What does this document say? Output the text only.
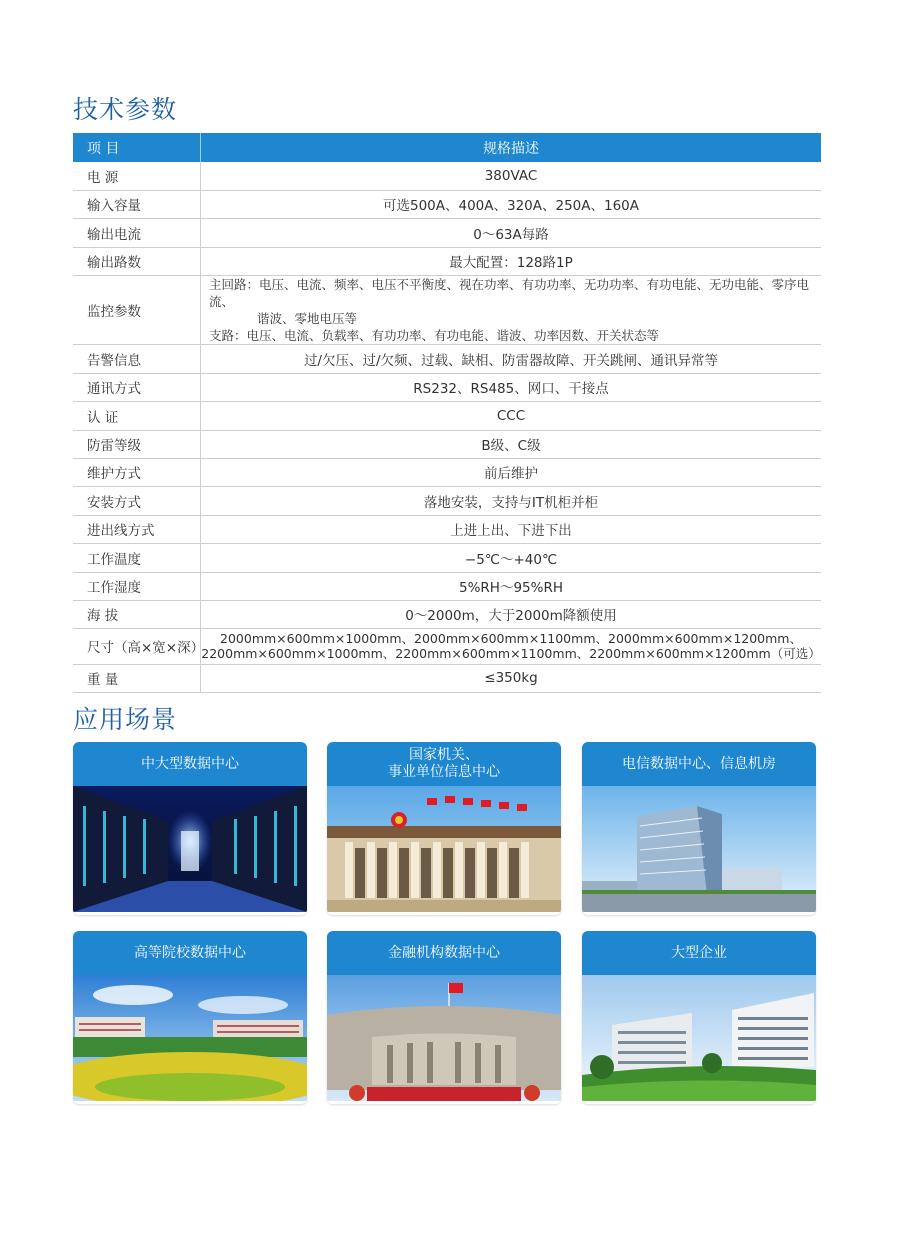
技术参数
项 目	规格描述
电 源	380VAC
输入容量	可选500A、400A、320A、250A、160A
输出电流	0～63A每路
输出路数	最大配置：128路1P
监控参数	主回路：电压、电流、频率、电压不平衡度、视在功率、有功功率、无功功率、有功电能、无功电能、零序电流、
谐波、零地电压等
支路：电压、电流、负载率、有功功率、有功电能、谐波、功率因数、开关状态等

告警信息	过/欠压、过/欠频、过载、缺相、防雷器故障、开关跳闸、通讯异常等
通讯方式	RS232、RS485、网口、干接点
认 证	CCC
防雷等级	B级、C级
维护方式	前后维护
安装方式	落地安装，支持与IT机柜并柜
进出线方式	上进上出、下进下出
工作温度	−5℃～+40℃
工作湿度	5%RH～95%RH
海 拔	0～2000m，大于2000m降额使用
尺寸（高×宽×深）	2000mm×600mm×1000mm、2000mm×600mm×1100mm、2000mm×600mm×1200mm、
2200mm×600mm×1000mm、2200mm×600mm×1100mm、2200mm×600mm×1200mm（可选）

重 量	≤350kg
应用场景
中大型数据中心
国家机关、
事业单位信息中心
电信数据中心、信息机房
高等院校数据中心	金融机构数据中心	大型企业
